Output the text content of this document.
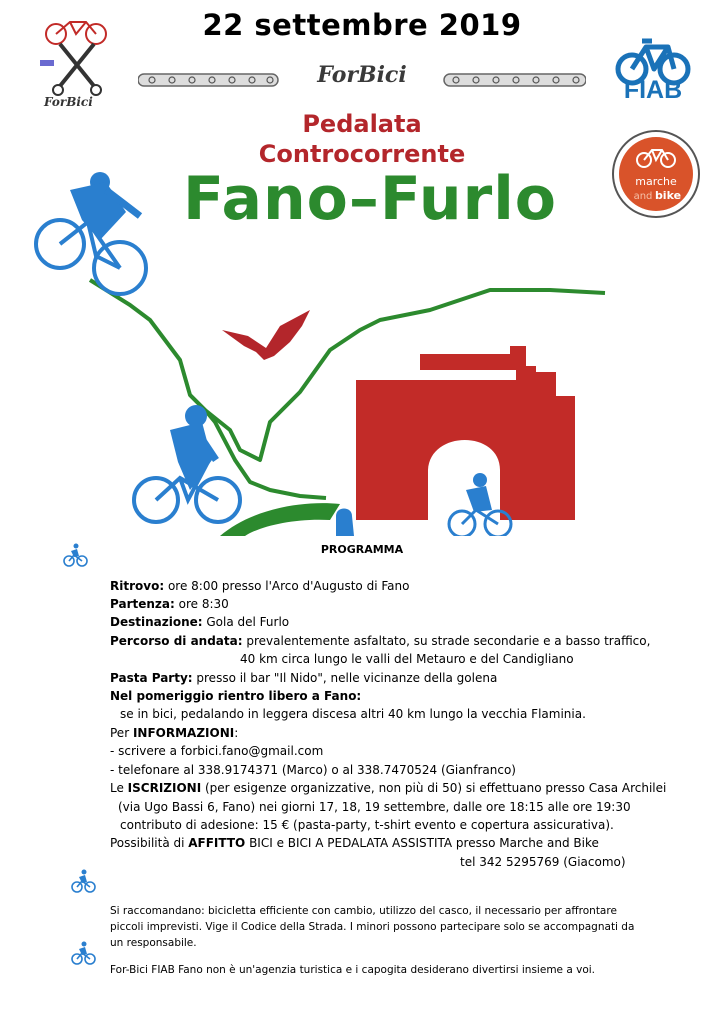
22 settembre 2019
ForBici
ForBici
FIAB
marche
and bike
Pedalata
Controcorrente
Fano–Furlo
PROGRAMMA
Ritrovo: ore 8:00 presso l'Arco d'Augusto di Fano
Partenza: ore 8:30
Destinazione: Gola del Furlo
Percorso di andata: prevalentemente asfaltato, su strade secondarie e a basso traffico,
40 km circa lungo le valli del Metauro e del Candigliano
Pasta Party: presso il bar "Il Nido", nelle vicinanze della golena
Nel pomeriggio rientro libero a Fano:
se in bici, pedalando in leggera discesa altri 40 km lungo la vecchia Flaminia.
Per INFORMAZIONI:
- scrivere a forbici.fano@gmail.com
- telefonare al 338.9174371 (Marco) o al 338.7470524 (Gianfranco)
Le ISCRIZIONI (per esigenze organizzative, non più di 50) si effettuano presso Casa Archilei
(via Ugo Bassi 6, Fano) nei giorni 17, 18, 19 settembre, dalle ore 18:15 alle ore 19:30
contributo di adesione: 15 € (pasta-party, t-shirt evento e copertura assicurativa).
Possibilità di AFFITTO BICI e BICI A PEDALATA ASSISTITA presso Marche and Bike
tel 342 5295769 (Giacomo)
Si raccomandano: bicicletta efficiente con cambio, utilizzo del casco, il necessario per affrontare piccoli imprevisti. Vige il Codice della Strada. I minori possono partecipare solo se accompagnati da un responsabile.
For-Bici FIAB Fano non è un'agenzia turistica e i capogita desiderano divertirsi insieme a voi.
